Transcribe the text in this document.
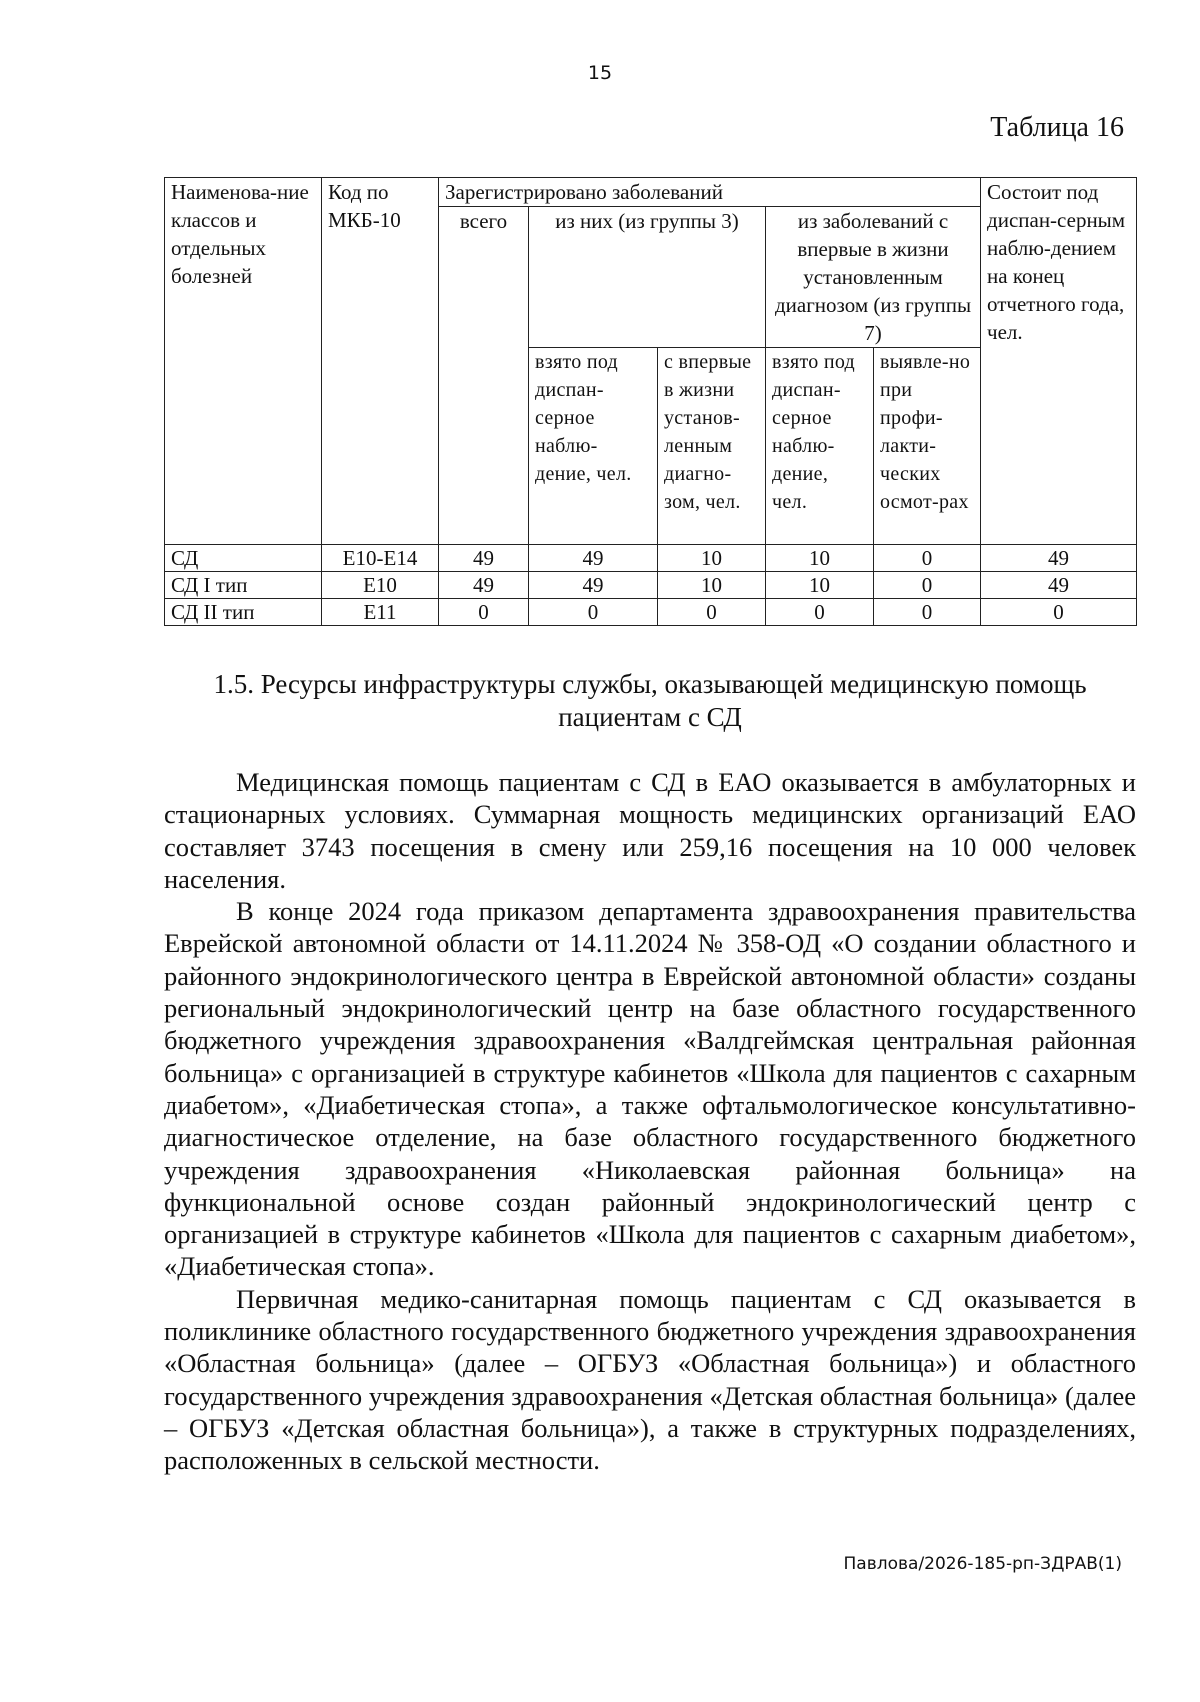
15
Таблица 16
Наименова-ние классов и отдельных болезней	Код по МКБ-10	Зарегистрировано заболеваний					Состоит под диспан-серным наблю-дением на конец отчетного года, чел.
		всего	из них (из группы 3)		из заболеваний с впервые в жизни установленным диагнозом (из группы 7)		
			взято под диспан-серное наблю-дение, чел.	с впервые в жизни установ-ленным диагно-зом, чел.	взято под диспан-серное наблю-дение, чел.	выявле-но при профи-лакти-ческих осмот-рах	
СД	E10-E14	49	49	10	10	0	49
СД I тип	E10	49	49	10	10	0	49
СД II тип	E11	0	0	0	0	0	0
1.5. Ресурсы инфраструктуры службы, оказывающей медицинскую помощь пациентам с СД

Медицинская помощь пациентам с СД в ЕАО оказывается в амбулаторных и стационарных условиях. Суммарная мощность медицинских организаций ЕАО составляет 3743 посещения в смену или 259,16 посещения на 10 000 человек населения.

В конце 2024 года приказом департамента здравоохранения правительства Еврейской автономной области от 14.11.2024 № 358-ОД «О создании областного и районного эндокринологического центра в Еврейской автономной области» созданы региональный эндокринологический центр на базе областного государственного бюджетного учреждения здравоохранения «Валдгеймская центральная районная больница» с организацией в структуре кабинетов «Школа для пациентов с сахарным диабетом», «Диабетическая стопа», а также офтальмологическое консультативно-диагностическое отделение, на базе областного государственного бюджетного учреждения здравоохранения «Николаевская районная больница» на функциональной основе создан районный эндокринологический центр с организацией в структуре кабинетов «Школа для пациентов с сахарным диабетом», «Диабетическая стопа».

Первичная медико-санитарная помощь пациентам с СД оказывается в поликлинике областного государственного бюджетного учреждения здравоохранения «Областная больница» (далее – ОГБУЗ «Областная больница») и областного государственного учреждения здравоохранения «Детская областная больница» (далее – ОГБУЗ «Детская областная больница»), а также в структурных подразделениях, расположенных в сельской местности.

Павлова/2026-185-рп-ЗДРАВ(1)
